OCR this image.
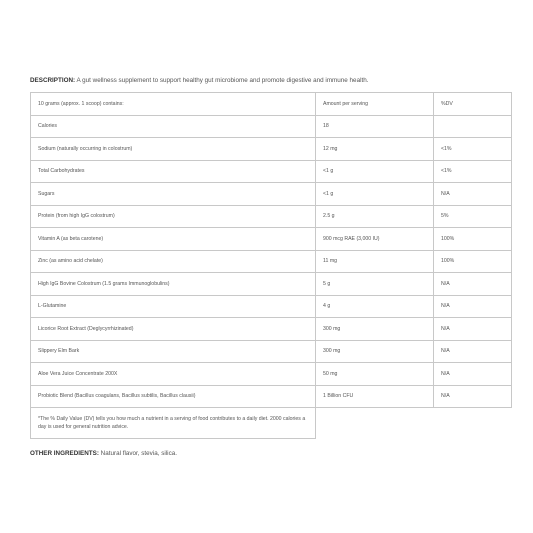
DESCRIPTION: A gut wellness supplement to support healthy gut microbiome and promote digestive and immune health.
10 grams (approx. 1 scoop) contains:	Amount per serving	%DV
Calories	18	
Sodium (naturally occurring in colostrum)	12 mg	<1%
Total Carbohydrates	<1 g	<1%
Sugars	<1 g	N/A
Protein (from high IgG colostrum)	2.5 g	5%
Vitamin A (as beta carotene)	900 mcg RAE (3,000 IU)	100%
Zinc (as amino acid chelate)	11 mg	100%
High IgG Bovine Colostrum (1.5 grams Immunoglobulins)	5 g	N/A
L-Glutamine	4 g	N/A
Licorice Root Extract (Deglycyrrhizinated)	300 mg	N/A
Slippery Elm Bark	300 mg	N/A
Aloe Vera Juice Concentrate 200X	50 mg	N/A
Probiotic Blend (Bacillus coagulans, Bacillus subtilis, Bacillus clausii)	1 Billion CFU	N/A
*The % Daily Value (DV) tells you how much a nutrient in a serving of food contributes to a daily diet. 2000 calories a day is used for general nutrition advice.		
OTHER INGREDIENTS: Natural flavor, stevia, silica.
